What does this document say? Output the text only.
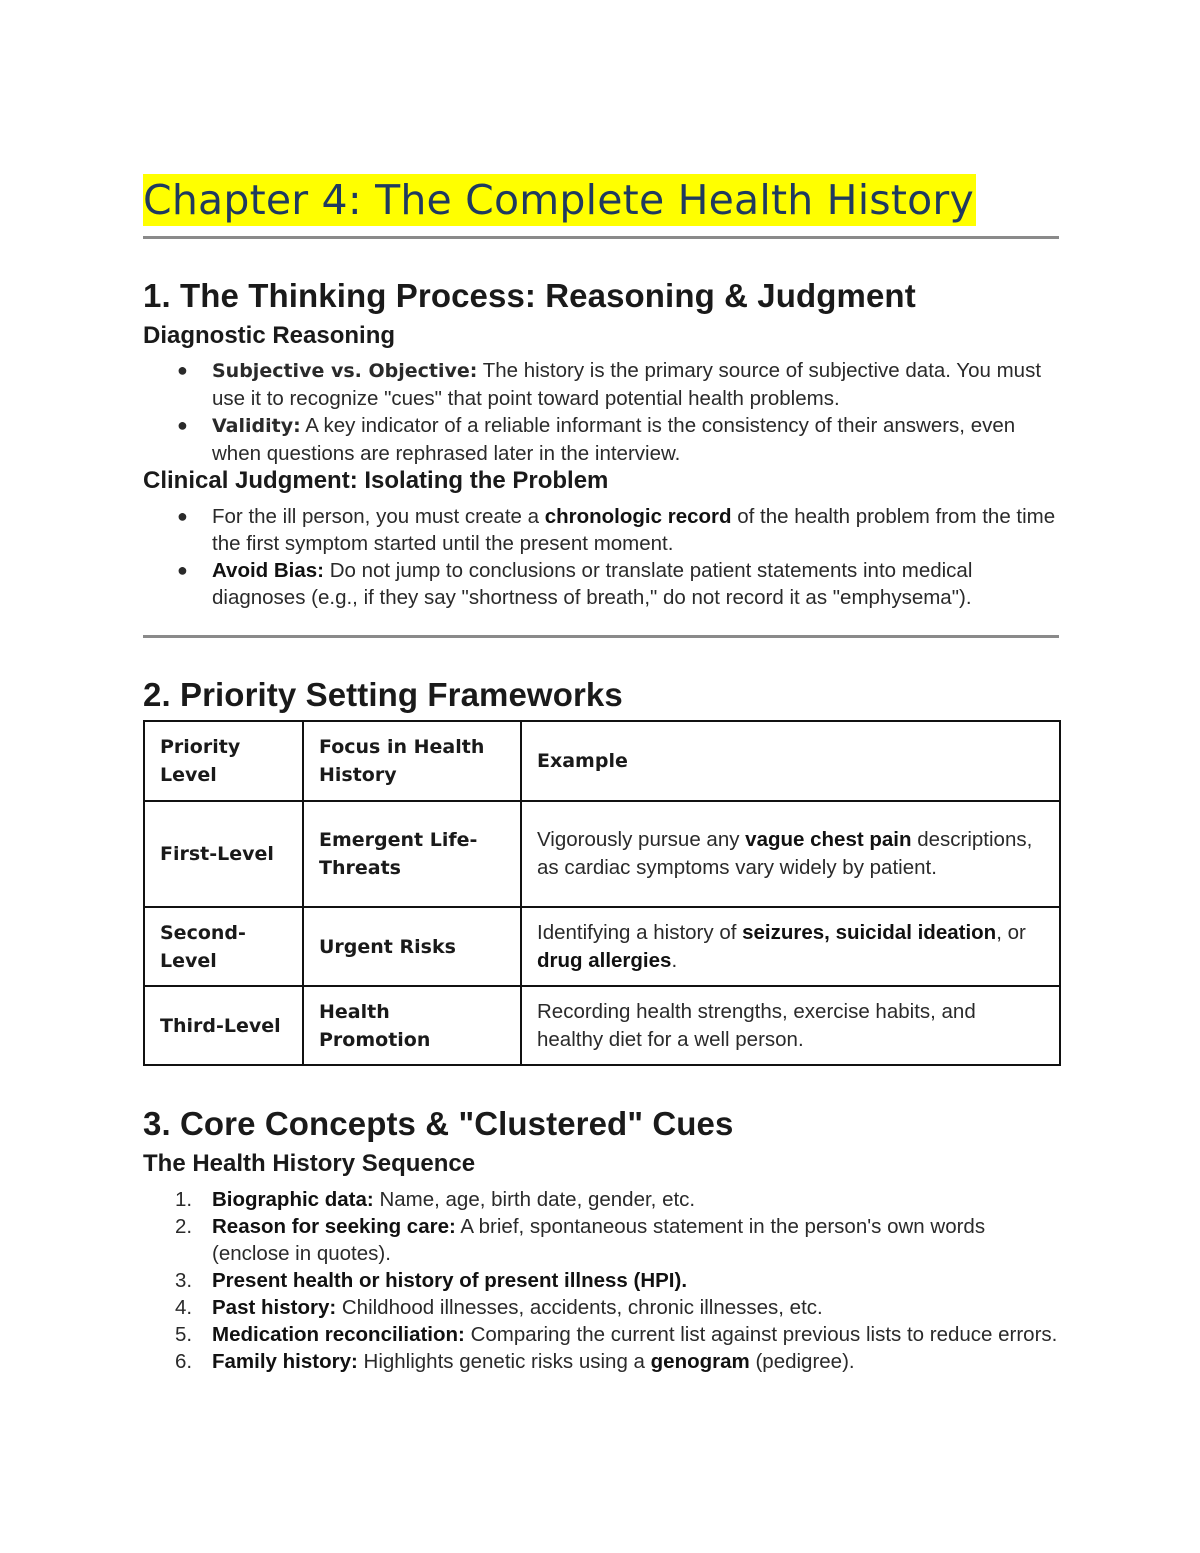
Chapter 4: The Complete Health History
1. The Thinking Process: Reasoning & Judgment
Diagnostic Reasoning
● Subjective vs. Objective: The history is the primary source of subjective data. You must use it to recognize "cues" that point toward potential health problems.
● Validity: A key indicator of a reliable informant is the consistency of their answers, even when questions are rephrased later in the interview.
Clinical Judgment: Isolating the Problem
● For the ill person, you must create a chronologic record of the health problem from the time the first symptom started until the present moment.
● Avoid Bias: Do not jump to conclusions or translate patient statements into medical diagnoses (e.g., if they say "shortness of breath," do not record it as "emphysema").
2. Priority Setting Frameworks
Priority Level	Focus in Health History	Example
First-Level	Emergent Life-Threats	Vigorously pursue any vague chest pain descriptions, as cardiac symptoms vary widely by patient.
Second-Level	Urgent Risks	Identifying a history of seizures, suicidal ideation, or drug allergies.
Third-Level	Health Promotion	Recording health strengths, exercise habits, and healthy diet for a well person.
3. Core Concepts & "Clustered" Cues
The Health History Sequence
1. Biographic data: Name, age, birth date, gender, etc.
2. Reason for seeking care: A brief, spontaneous statement in the person's own words (enclose in quotes).
3. Present health or history of present illness (HPI).
4. Past history: Childhood illnesses, accidents, chronic illnesses, etc.
5. Medication reconciliation: Comparing the current list against previous lists to reduce errors.
6. Family history: Highlights genetic risks using a genogram (pedigree).
